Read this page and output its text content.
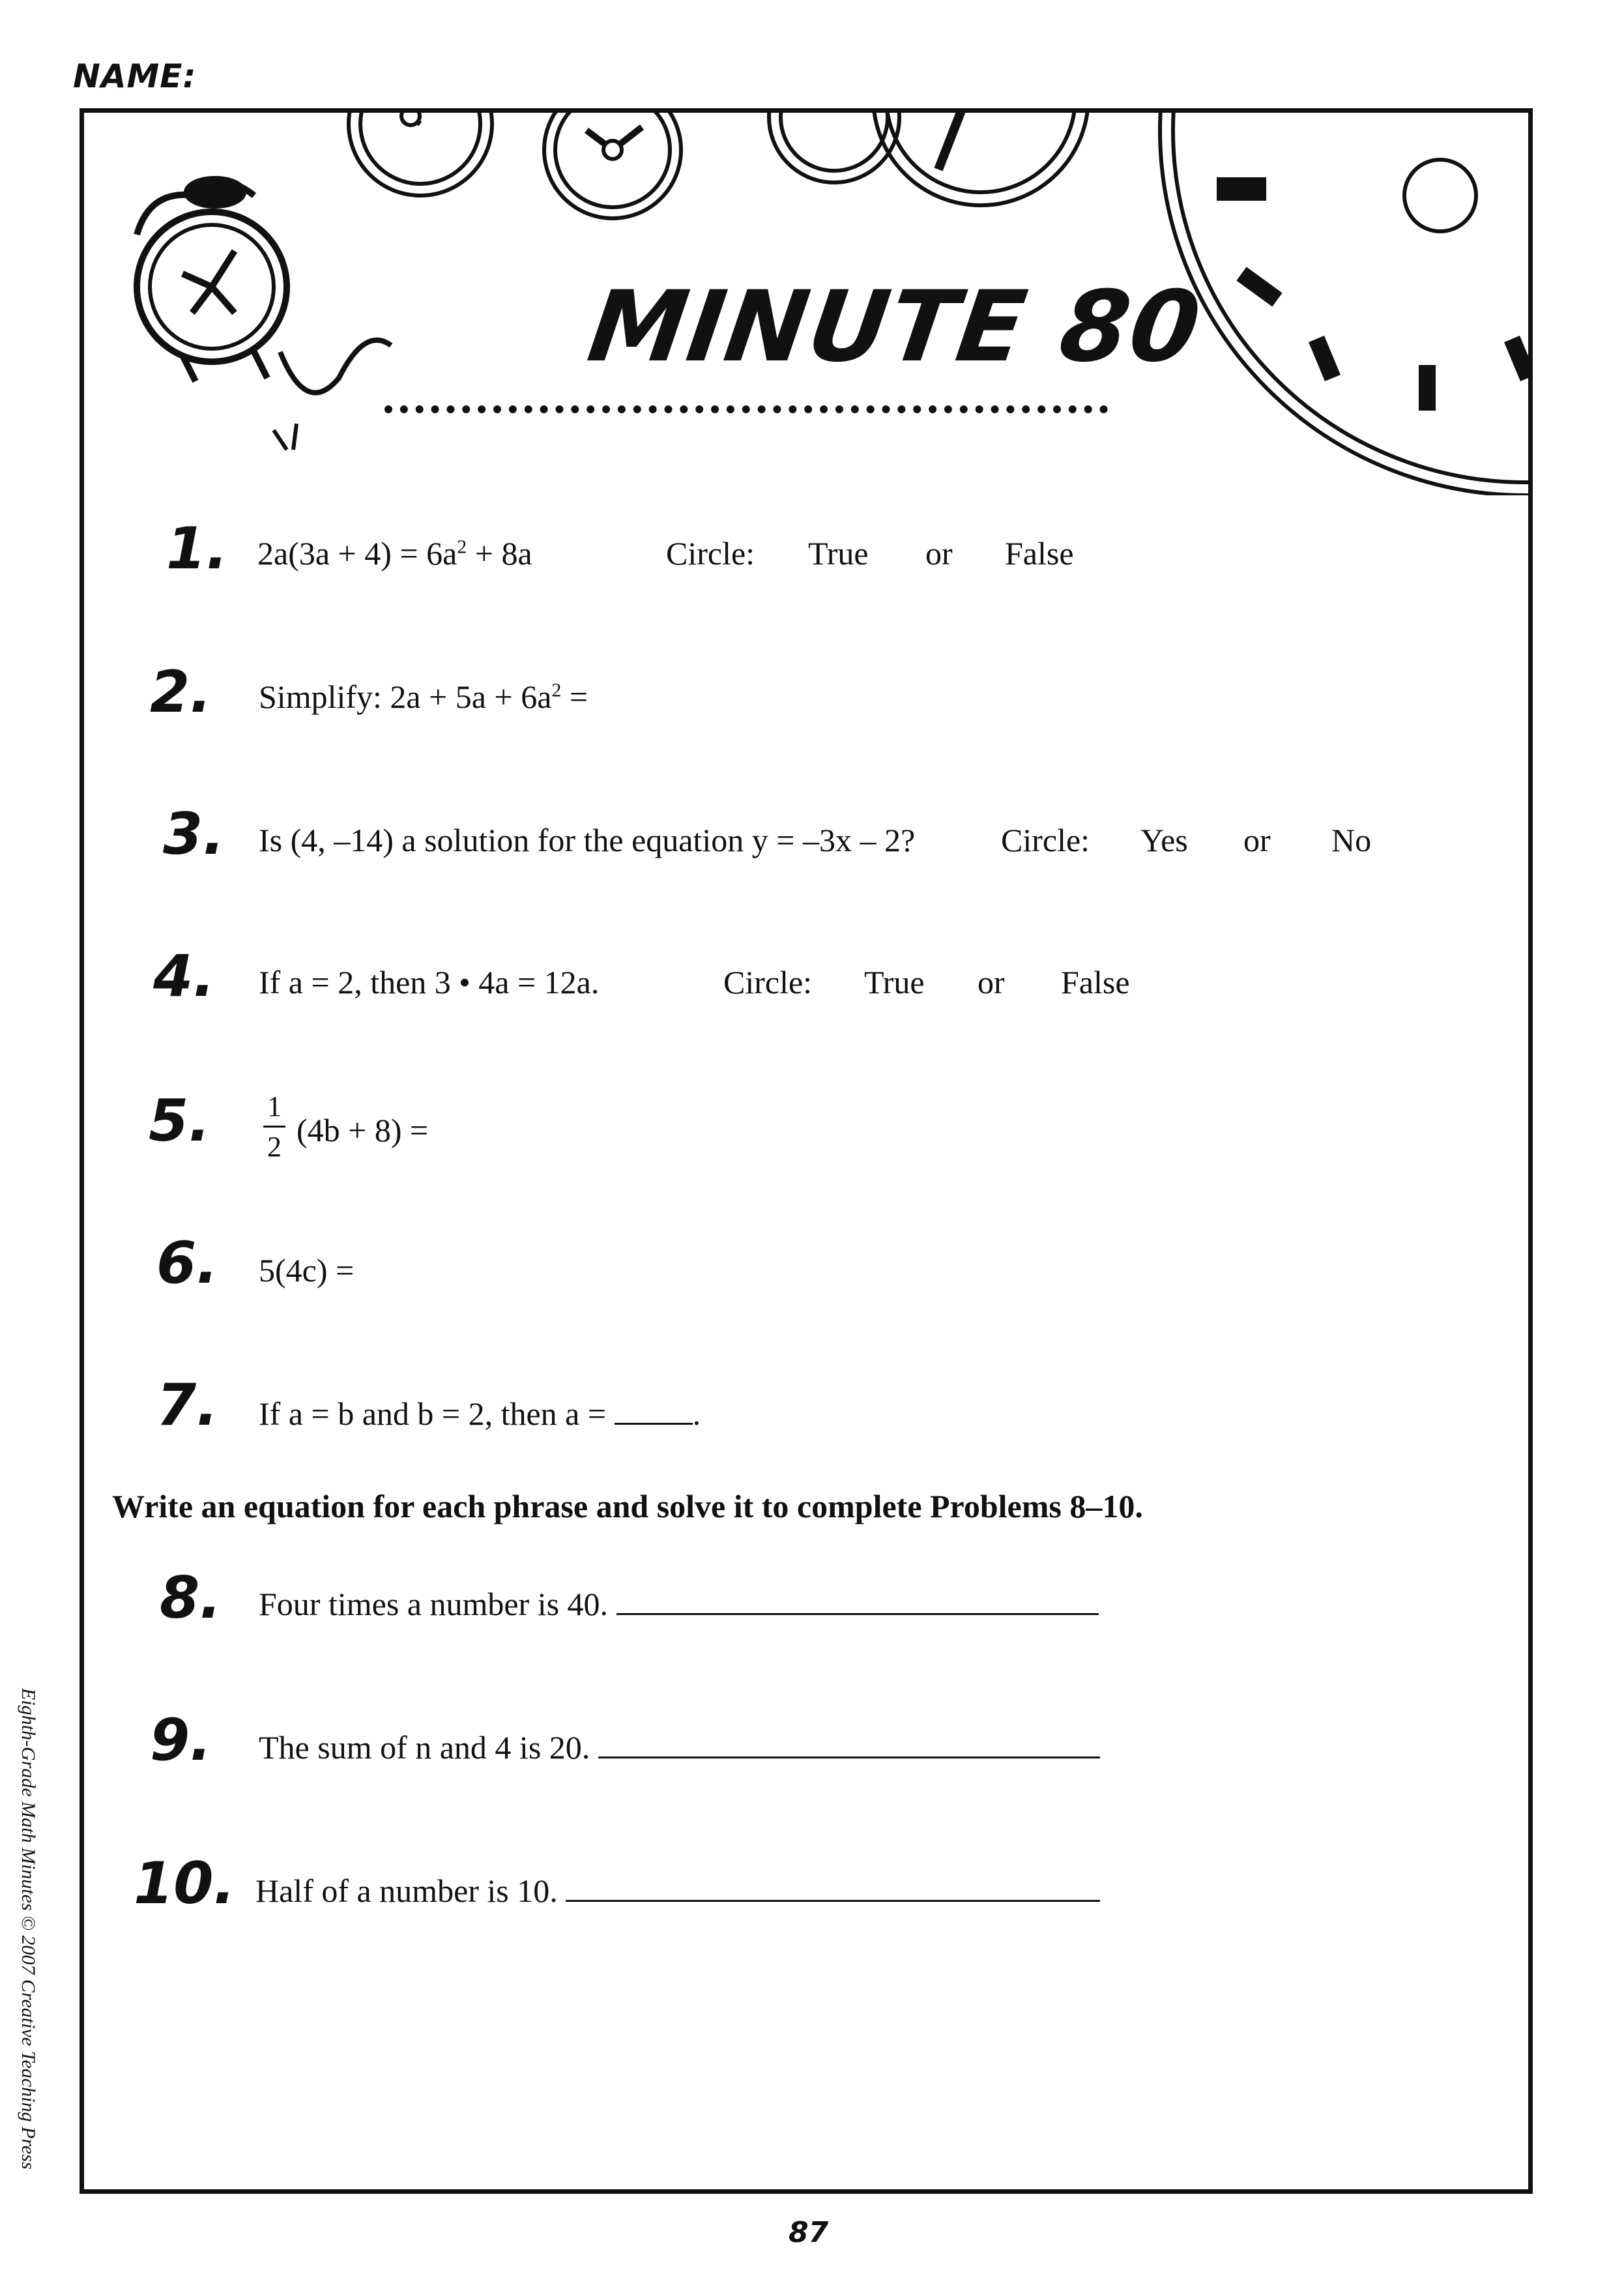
NAME:
MINUTE 80
1. $2a(3a + 4) = 6a^2 + 8a$	Circle: True or False
2. Simplify: $2a + 5a + 6a^2$ =
3. Is (4, –14) a solution for the equation y = –3x – 2?	Circle: Yes or No
4. If a = 2, then 3 • 4a = 12a.	Circle: True or False
5. 1
2 (4b + 8) =
6. 5(4c) =
7. If a = b and b = 2, then a =	.
Write an equation for each phrase and solve it to complete Problems 8–10.
8. Four times a number is 40.
9. The sum of n and 4 is 20.
10. Half of a number is 10.
Eighth-Grade Math Minutes © 2007 Creative Teaching Press
87
